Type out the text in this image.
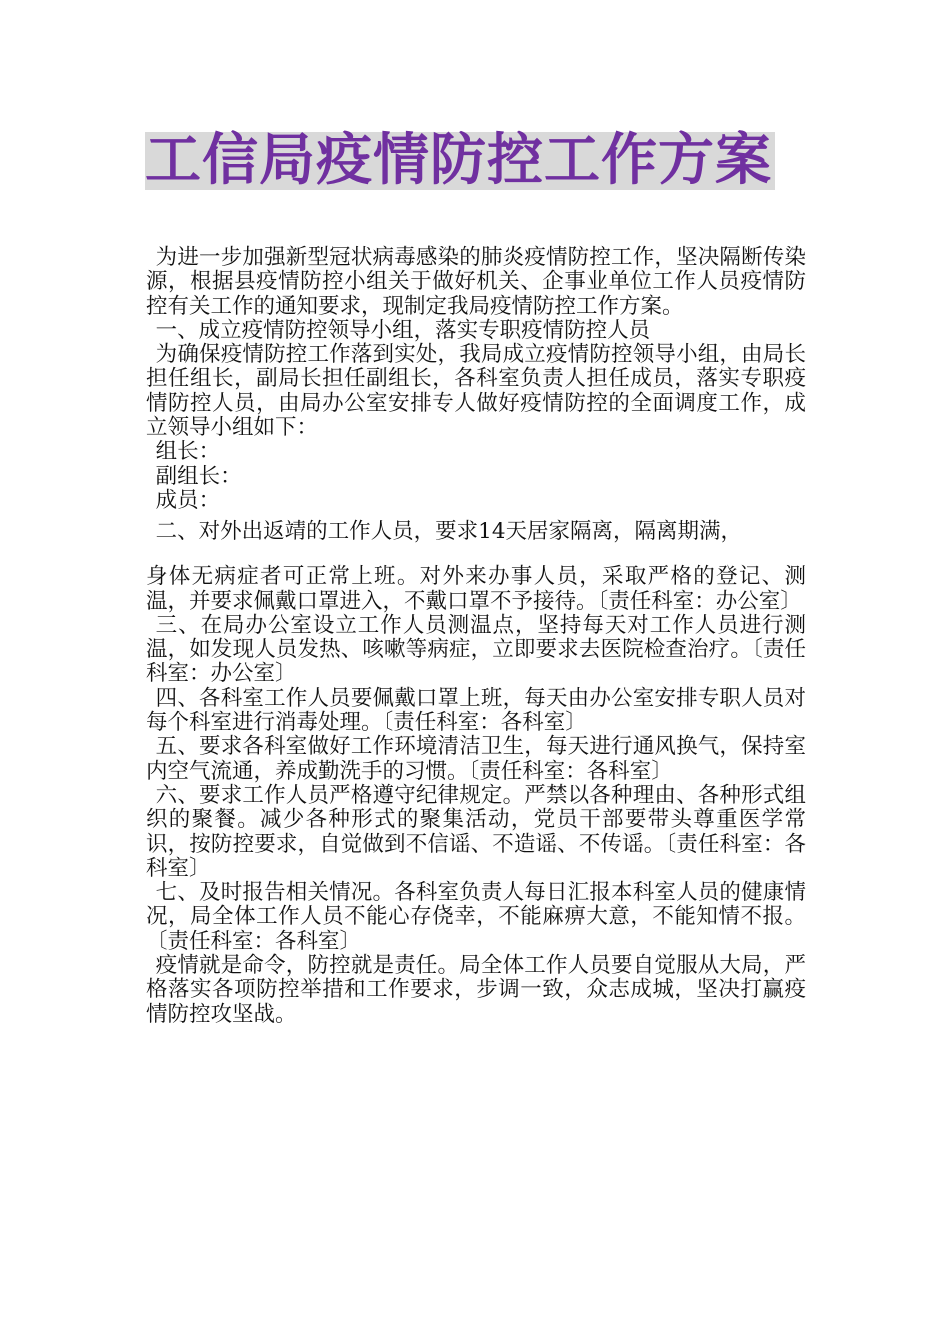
工信局疫情防控工作方案

为进一步加强新型冠状病毒感染的肺炎疫情防控工作，坚决隔断传染源，根据县疫情防控小组关于做好机关、企事业单位工作人员疫情防控有关工作的通知要求，现制定我局疫情防控工作方案。

一、成立疫情防控领导小组，落实专职疫情防控人员

为确保疫情防控工作落到实处，我局成立疫情防控领导小组，由局长担任组长，副局长担任副组长，各科室负责人担任成员，落实专职疫情防控人员，由局办公室安排专人做好疫情防控的全面调度工作，成立领导小组如下：

组长：

副组长：

成员：

二、对外出返靖的工作人员，要求14天居家隔离，隔离期满，

身体无病症者可正常上班。对外来办事人员，采取严格的登记、测温，并要求佩戴口罩进入，不戴口罩不予接待。〔责任科室：办公室〕

三、在局办公室设立工作人员测温点，坚持每天对工作人员进行测温，如发现人员发热、咳嗽等病症，立即要求去医院检查治疗。〔责任科室：办公室〕

四、各科室工作人员要佩戴口罩上班，每天由办公室安排专职人员对每个科室进行消毒处理。〔责任科室：各科室〕

五、要求各科室做好工作环境清洁卫生，每天进行通风换气，保持室内空气流通，养成勤洗手的习惯。〔责任科室：各科室〕

六、要求工作人员严格遵守纪律规定。严禁以各种理由、各种形式组织的聚餐。减少各种形式的聚集活动，党员干部要带头尊重医学常识，按防控要求，自觉做到不信谣、不造谣、不传谣。〔责任科室：各科室〕

七、及时报告相关情况。各科室负责人每日汇报本科室人员的健康情况，局全体工作人员不能心存侥幸，不能麻痹大意，不能知情不报。〔责任科室：各科室〕

疫情就是命令，防控就是责任。局全体工作人员要自觉服从大局，严格落实各项防控举措和工作要求，步调一致，众志成城，坚决打赢疫情防控攻坚战。
